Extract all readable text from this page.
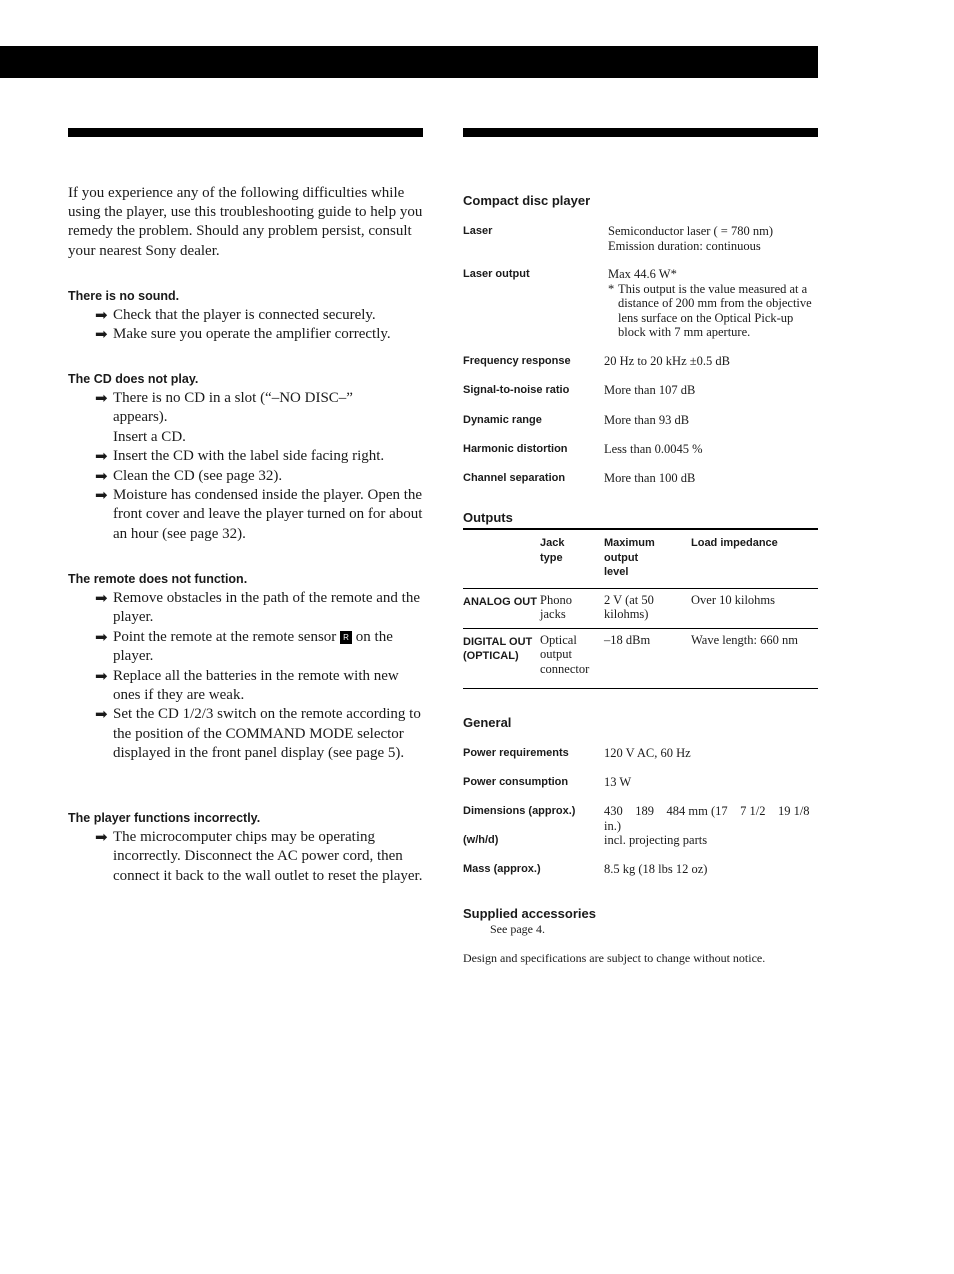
If you experience any of the following difficulties while using the player, use this troubleshooting guide to help you remedy the problem. Should any problem persist, consult your nearest Sony dealer.

There is no sound.

➡ Check that the player is connected securely.
➡ Make sure you operate the amplifier correctly.

The CD does not play.

➡ There is no CD in a slot (“–NO DISC–” appears).
Insert a CD.
➡ Insert the CD with the label side facing right.
➡ Clean the CD (see page 32).
➡ Moisture has condensed inside the player. Open the front cover and leave the player turned on for about an hour (see page 32).

The remote does not function.

➡ Remove obstacles in the path of the remote and the player.
➡ Point the remote at the remote sensor R on the player.
➡ Replace all the batteries in the remote with new ones if they are weak.
➡ Set the CD 1/2/3 switch on the remote according to the position of the COMMAND MODE selector displayed in the front panel display (see page 5).

The player functions incorrectly.

➡ The microcomputer chips may be operating incorrectly. Disconnect the AC power cord, then connect it back to the wall outlet to reset the player.

Compact disc player

Laser	Semiconductor laser ( = 780 nm)
Emission duration: continuous
Laser output	Max 44.6 W*
* This output is the value measured at a distance of 200 mm from the objective lens surface on the Optical Pick-up block with 7 mm aperture.
Frequency response	20 Hz to 20 kHz ±0.5 dB
Signal-to-noise ratio	More than 107 dB
Dynamic range	More than 93 dB
Harmonic distortion	Less than 0.0045 %
Channel separation	More than 100 dB

Outputs

	Jack type	Maximum output level	Load impedance
ANALOG OUT	Phono jacks	2 V (at 50 kilohms)	Over 10 kilohms
DIGITAL OUT (OPTICAL)	Optical output connector	–18 dBm	Wave length: 660 nm

General

Power requirements	120 V AC, 60 Hz
Power consumption	13 W
Dimensions (approx.)	430    189    484 mm (17    7 1/2    19 1/8 in.)
(w/h/d)	incl. projecting parts
Mass (approx.)	8.5 kg (18 lbs 12 oz)

Supplied accessories

See page 4.
Design and specifications are subject to change without notice.
